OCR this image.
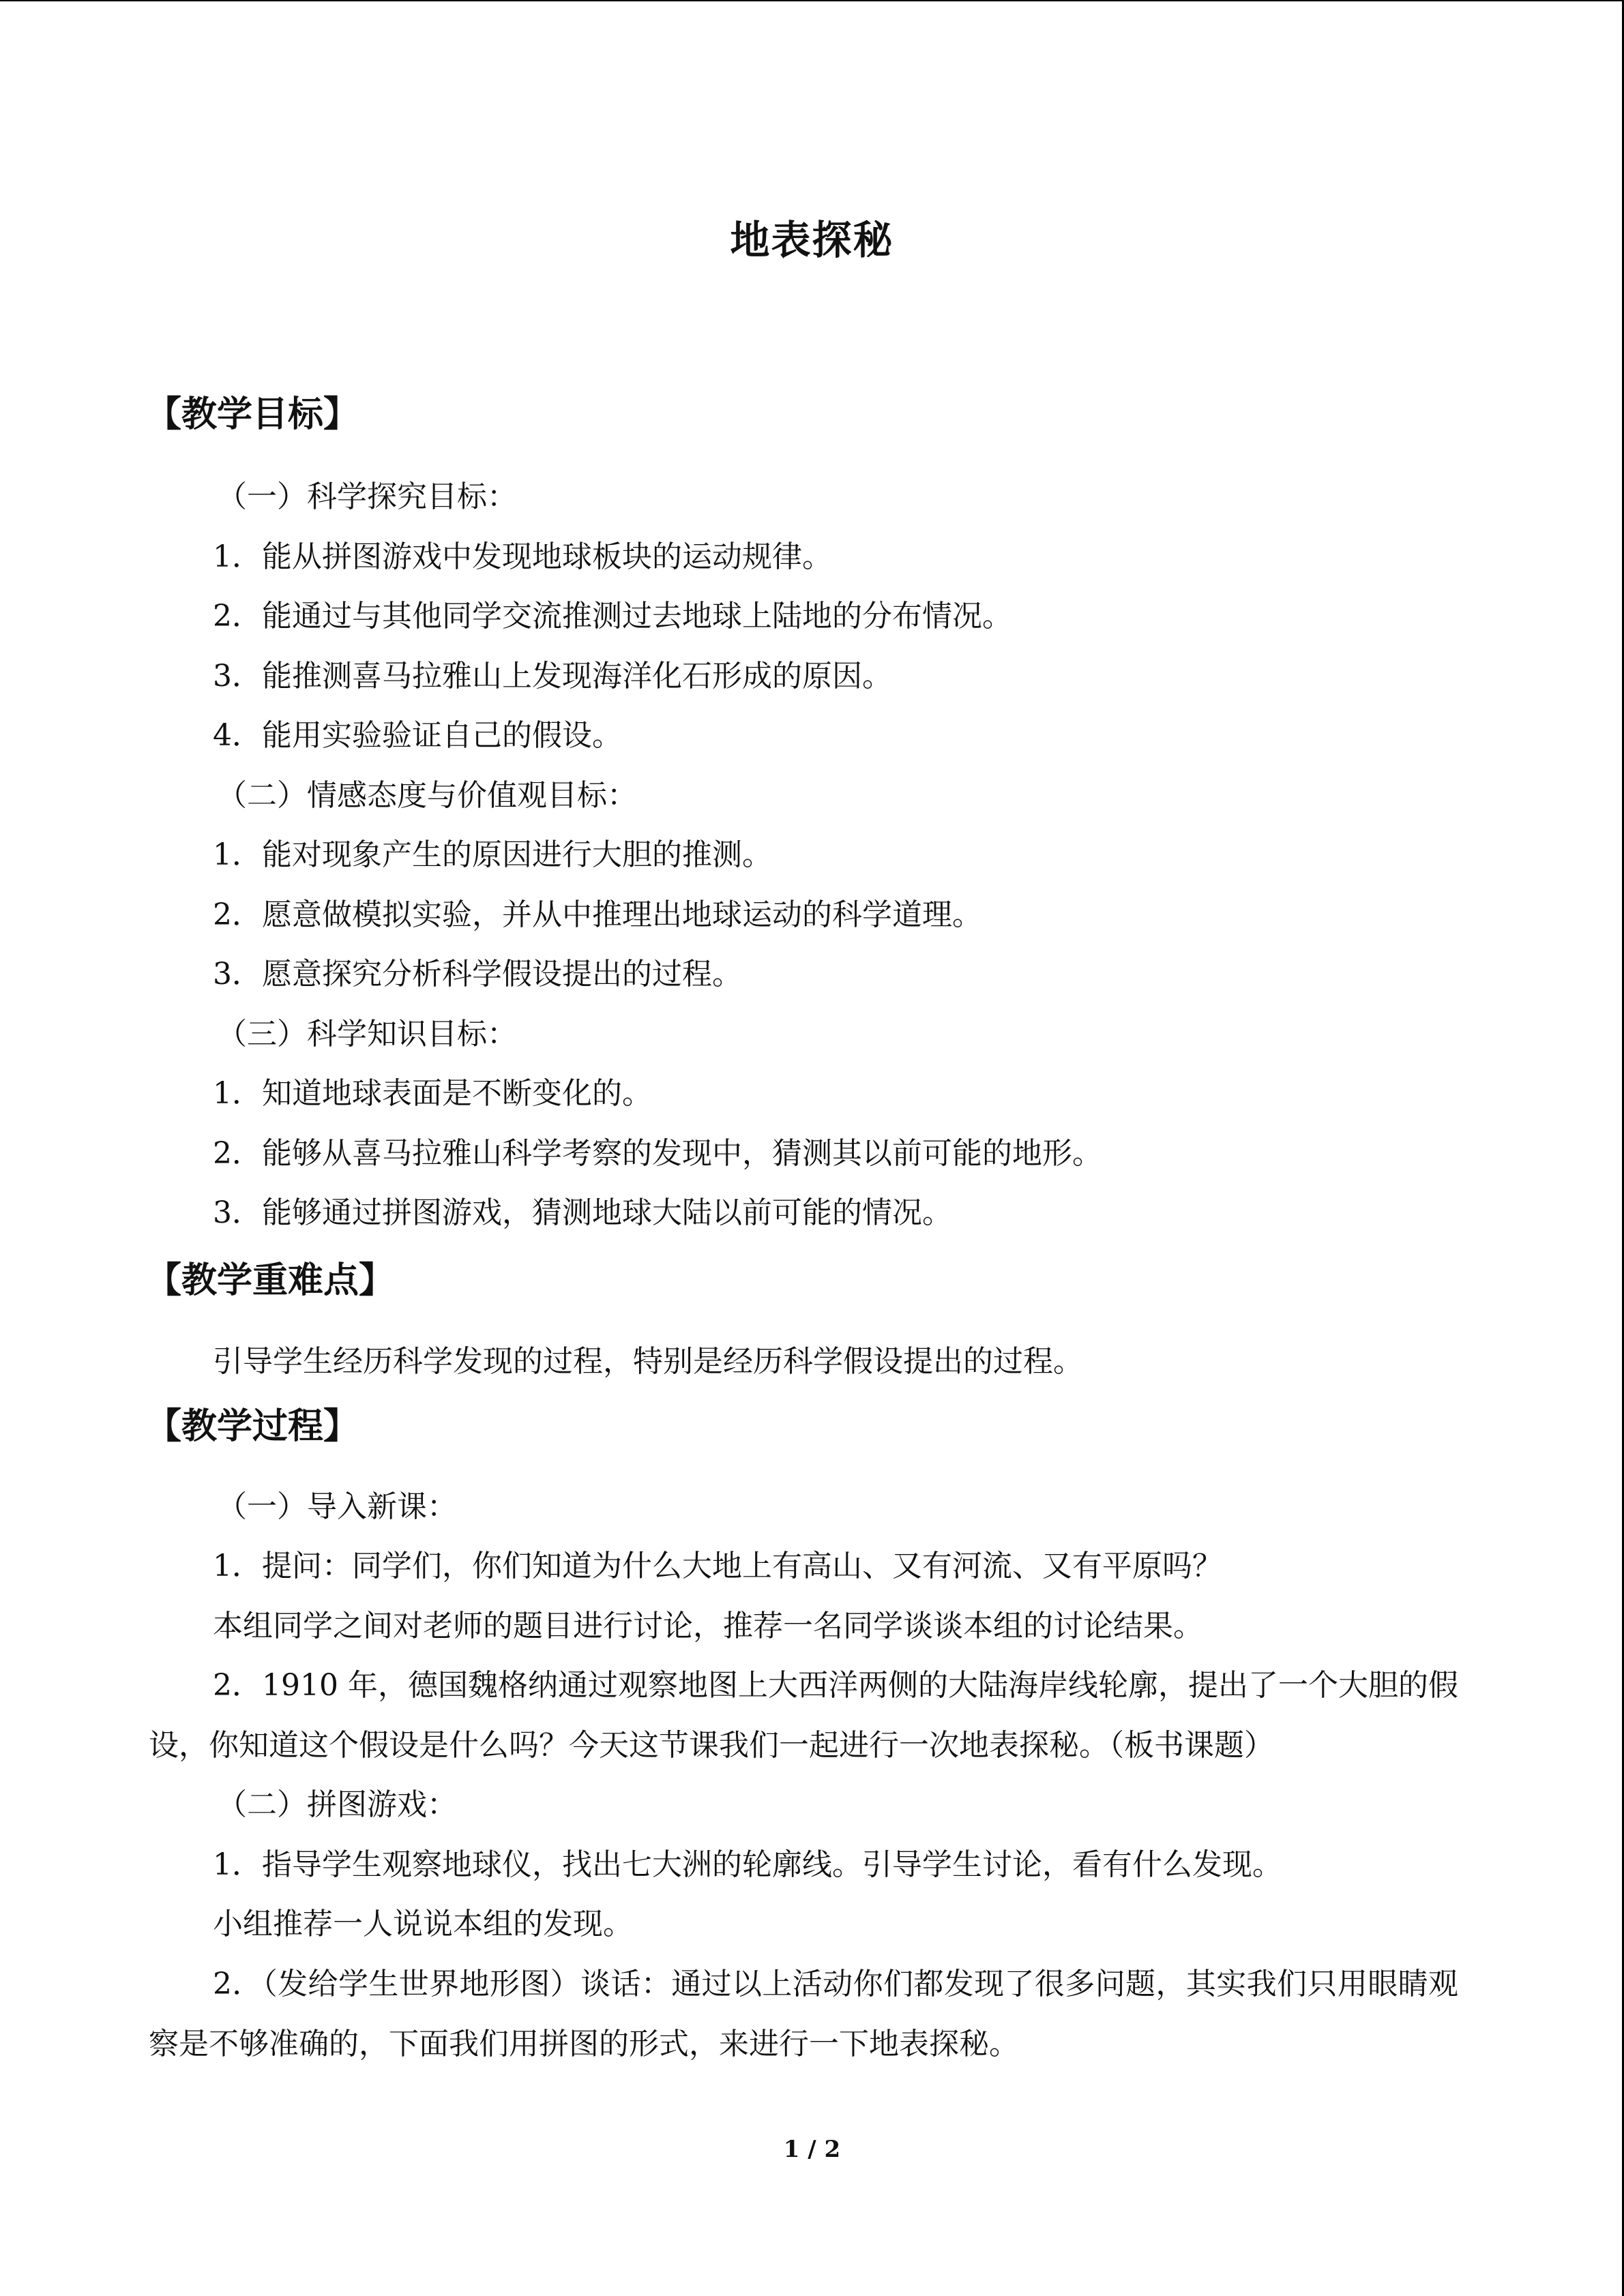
地表探秘
【教学目标】
（一）科学探究目标：
1．能从拼图游戏中发现地球板块的运动规律。
2．能通过与其他同学交流推测过去地球上陆地的分布情况。
3．能推测喜马拉雅山上发现海洋化石形成的原因。
4．能用实验验证自己的假设。
（二）情感态度与价值观目标：
1．能对现象产生的原因进行大胆的推测。
2．愿意做模拟实验，并从中推理出地球运动的科学道理。
3．愿意探究分析科学假设提出的过程。
（三）科学知识目标：
1．知道地球表面是不断变化的。
2．能够从喜马拉雅山科学考察的发现中，猜测其以前可能的地形。
3．能够通过拼图游戏，猜测地球大陆以前可能的情况。
【教学重难点】
引导学生经历科学发现的过程，特别是经历科学假设提出的过程。
【教学过程】
（一）导入新课：
1．提问：同学们，你们知道为什么大地上有高山、又有河流、又有平原吗？
本组同学之间对老师的题目进行讨论，推荐一名同学谈谈本组的讨论结果。
2．1910 年，德国魏格纳通过观察地图上大西洋两侧的大陆海岸线轮廓，提出了一个大胆的假设，你知道这个假设是什么吗？今天这节课我们一起进行一次地表探秘。（板书课题）
（二）拼图游戏：
1．指导学生观察地球仪，找出七大洲的轮廓线。引导学生讨论，看有什么发现。
小组推荐一人说说本组的发现。
2．（发给学生世界地形图）谈话：通过以上活动你们都发现了很多问题，其实我们只用眼睛观察是不够准确的，下面我们用拼图的形式，来进行一下地表探秘。
1 / 2
